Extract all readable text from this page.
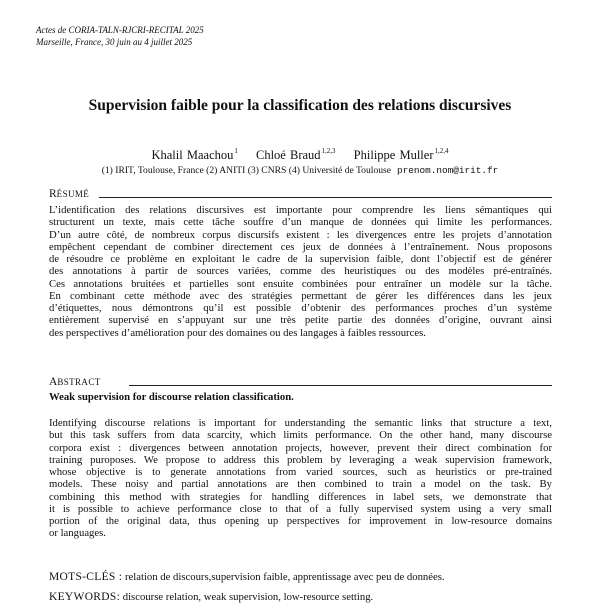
Actes de CORIA-TALN-RJCRI-RECITAL 2025
Marseille, France, 30 juin au 4 juillet 2025
Supervision faible pour la classification des relations discursives
Khalil Maachou$^1$ Chloé Braud$^{1,2,3}$ Philippe Muller$^{1,2,4}$
(1) IRIT, Toulouse, France (2) ANITI (3) CNRS (4) Université de Toulouse prenom.nom@irit.fr
RÉSUMÉ
L’identification des relations discursives est importante pour comprendre les liens sémantiques qui
structurent un texte, mais cette tâche souffre d’un manque de données qui limite les performances.
D’un autre côté, de nombreux corpus discursifs existent : les divergences entre les projets d’annotation
empêchent cependant de combiner directement ces jeux de données à l’entraînement. Nous proposons
de résoudre ce problème en exploitant le cadre de la supervision faible, dont l’objectif est de générer
des annotations à partir de sources variées, comme des heuristiques ou des modèles pré-entraînés.
Ces annotations bruitées et partielles sont ensuite combinées pour entraîner un modèle sur la tâche.
En combinant cette méthode avec des stratégies permettant de gérer les différences dans les jeux
d’étiquettes, nous démontrons qu’il est possible d’obtenir des performances proches d’un système
entièrement supervisé en s’appuyant sur une très petite partie des données d’origine, ouvrant ainsi
des perspectives d’amélioration pour des domaines ou des langages à faibles ressources.
ABSTRACT
Weak supervision for discourse relation classification.
Identifying discourse relations is important for understanding the semantic links that structure a text,
but this task suffers from data scarcity, which limits performance. On the other hand, many discourse
corpora exist : divergences between annotation projects, however, prevent their direct combination for
training puroposes. We propose to address this problem by leveraging a weak supervision framework,
whose objective is to generate annotations from varied sources, such as heuristics or pre-trained
models. These noisy and partial annotations are then combined to train a model on the task. By
combining this method with strategies for handling differences in label sets, we demonstrate that
it is possible to achieve performance close to that of a fully supervised system using a very small
portion of the original data, thus opening up perspectives for improvement in low-resource domains
or languages.
MOTS-CLÉS : relation de discours,supervision faible, apprentissage avec peu de données.
KEYWORDS: discourse relation, weak supervision, low-resource setting.
